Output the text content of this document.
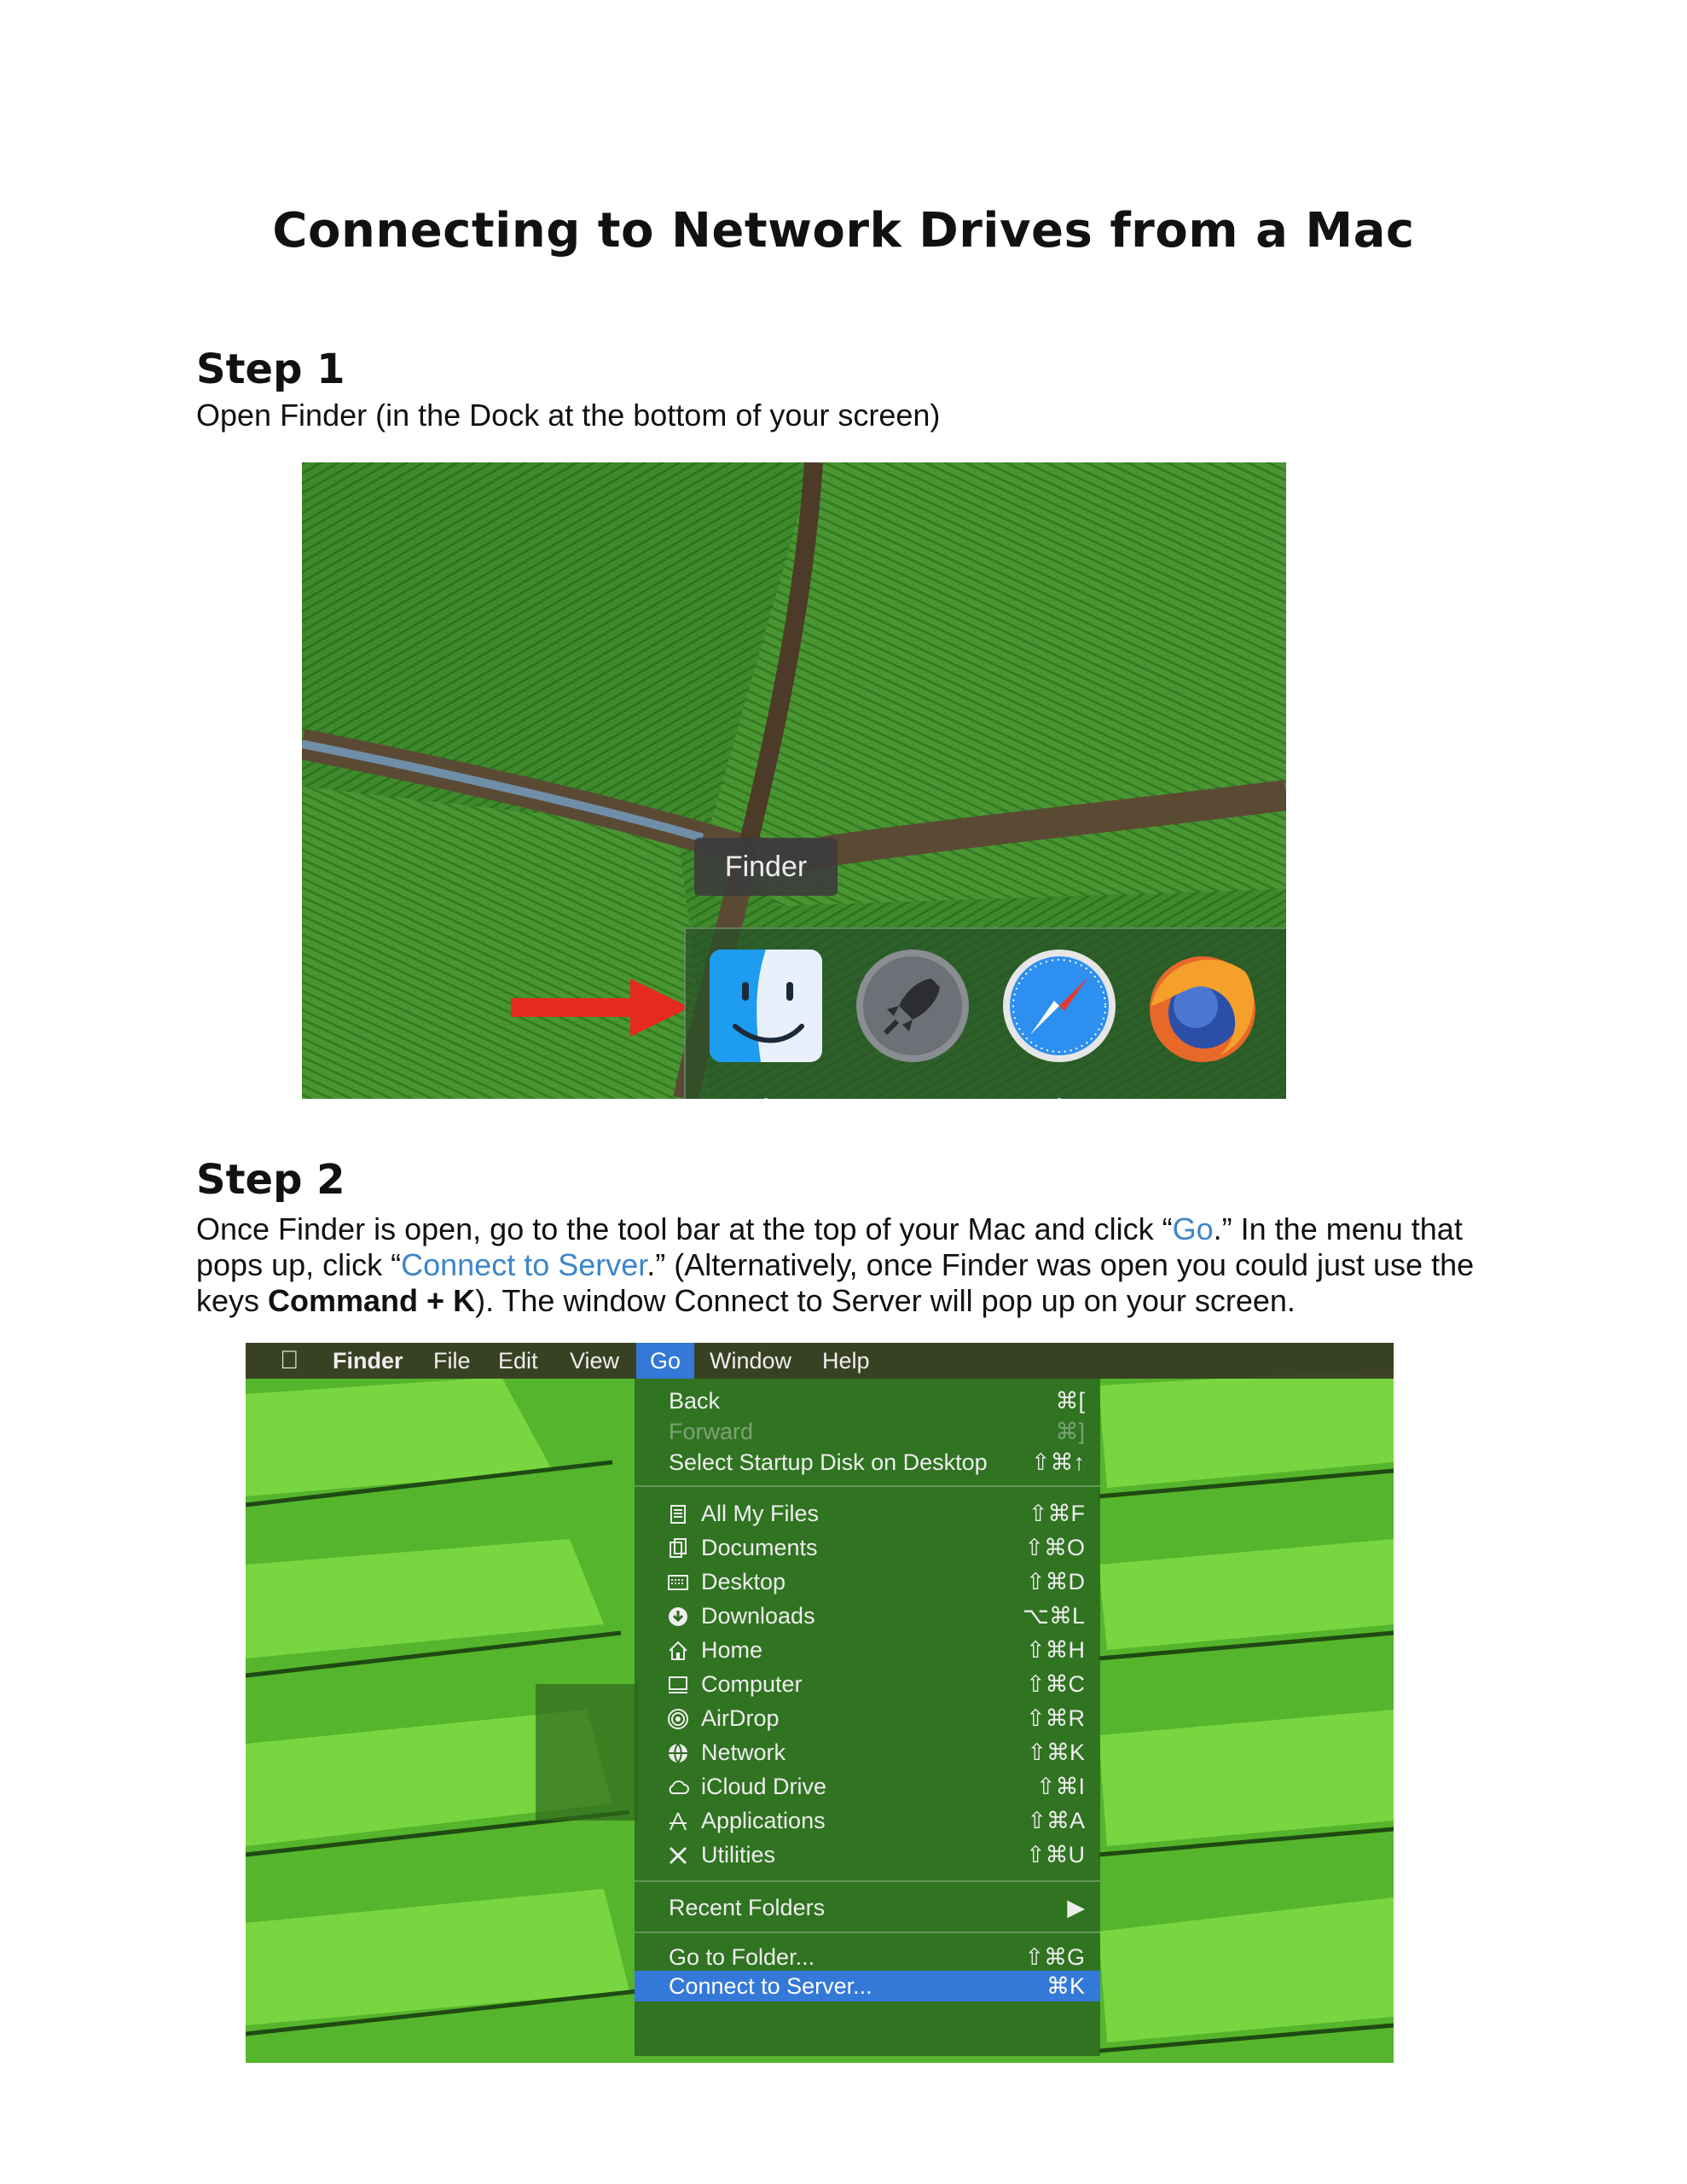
Connecting to Network Drives from a Mac
Step 1
Open Finder (in the Dock at the bottom of your screen)
Finder
Step 2
Once Finder is open, go to the tool bar at the top of your Mac and click “Go.” In the menu that
pops up, click “Connect to Server.” (Alternatively, once Finder was open you could just use the
keys Command + K). The window Connect to Server will pop up on your screen.
Finder File Edit View	Go	Window Help
Back	⌘[
Forward	⌘]
Select Startup Disk on Desktop ⇧⌘↑
All My Files	⇧⌘F
Documents	⇧⌘O
Desktop	⇧⌘D
Downloads	⌥⌘L
Home	⇧⌘H
Computer	⇧⌘C
AirDrop	⇧⌘R
Network	⇧⌘K
iCloud Drive	⇧⌘I
Applications	⇧⌘A
Utilities	⇧⌘U
Recent Folders	▶
Go to Folder...	⇧⌘G
Connect to Server...	⌘K
